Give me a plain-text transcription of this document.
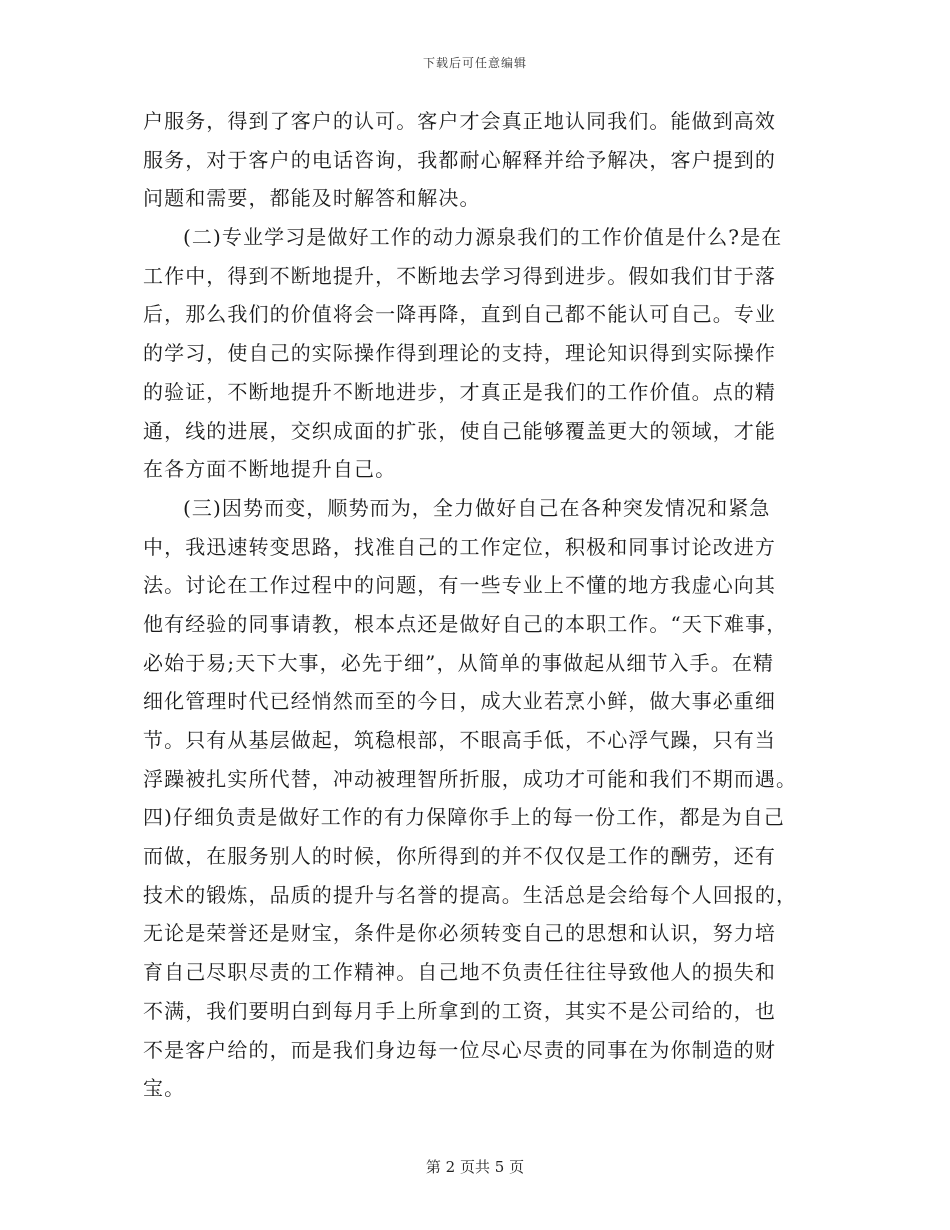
下载后可任意编辑
户服务，得到了客户的认可。客户才会真正地认同我们。能做到高效
服务，对于客户的电话咨询，我都耐心解释并给予解决，客户提到的
问题和需要，都能及时解答和解决。
(二)专业学习是做好工作的动力源泉我们的工作价值是什么?是在
工作中，得到不断地提升，不断地去学习得到进步。假如我们甘于落
后，那么我们的价值将会一降再降，直到自己都不能认可自己。专业
的学习，使自己的实际操作得到理论的支持，理论知识得到实际操作
的验证，不断地提升不断地进步，才真正是我们的工作价值。点的精
通，线的进展，交织成面的扩张，使自己能够覆盖更大的领域，才能
在各方面不断地提升自己。
(三)因势而变，顺势而为，全力做好自己在各种突发情况和紧急
中，我迅速转变思路，找准自己的工作定位，积极和同事讨论改进方
法。讨论在工作过程中的问题，有一些专业上不懂的地方我虚心向其
他有经验的同事请教，根本点还是做好自己的本职工作。“天下难事，
必始于易;天下大事，必先于细”，从简单的事做起从细节入手。在精
细化管理时代已经悄然而至的今日，成大业若烹小鲜，做大事必重细
节。只有从基层做起，筑稳根部，不眼高手低，不心浮气躁，只有当
浮躁被扎实所代替，冲动被理智所折服，成功才可能和我们不期而遇。
四)仔细负责是做好工作的有力保障你手上的每一份工作，都是为自己
而做，在服务别人的时候，你所得到的并不仅仅是工作的酬劳，还有
技术的锻炼，品质的提升与名誉的提高。生活总是会给每个人回报的，
无论是荣誉还是财宝，条件是你必须转变自己的思想和认识，努力培
育自己尽职尽责的工作精神。自己地不负责任往往导致他人的损失和
不满，我们要明白到每月手上所拿到的工资，其实不是公司给的，也
不是客户给的，而是我们身边每一位尽心尽责的同事在为你制造的财
宝。
第 2 页共 5 页
